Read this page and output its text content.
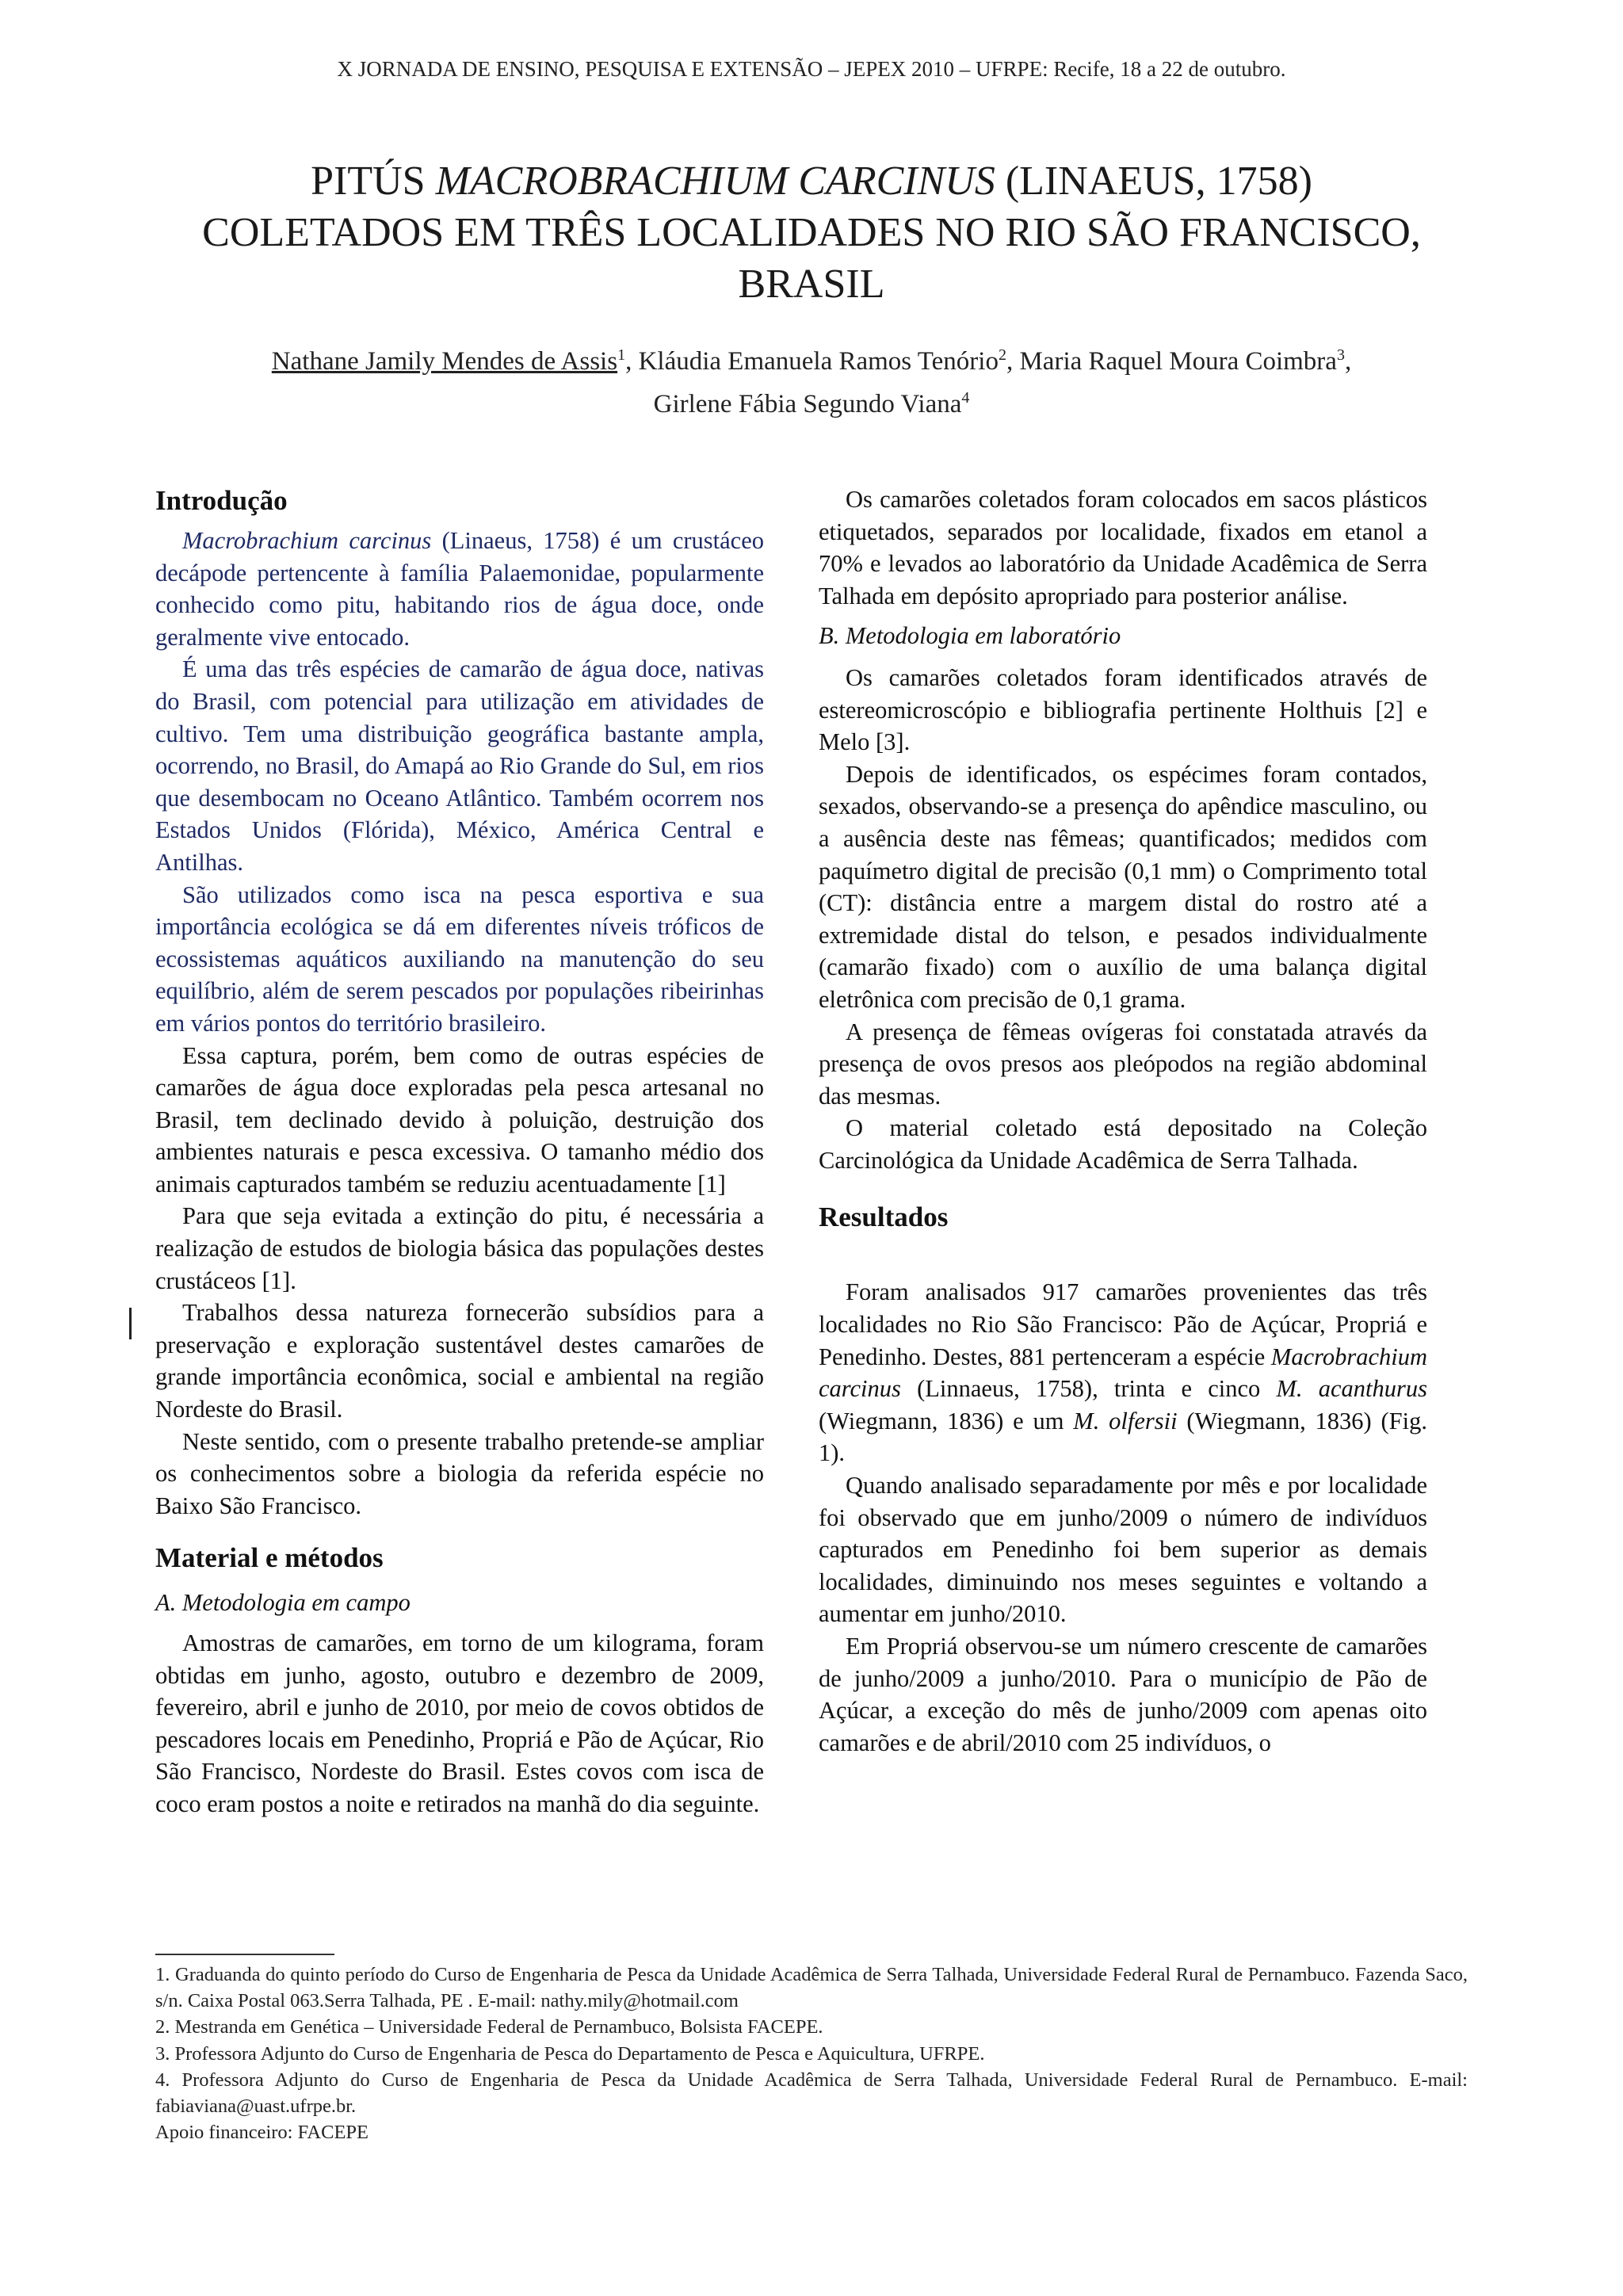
X JORNADA DE ENSINO, PESQUISA E EXTENSÃO – JEPEX 2010 – UFRPE: Recife, 18 a 22 de outubro.
PITÚS MACROBRACHIUM CARCINUS (LINAEUS, 1758)
COLETADOS EM TRÊS LOCALIDADES NO RIO SÃO FRANCISCO,
BRASIL
Nathane Jamily Mendes de Assis$^1$, Kláudia Emanuela Ramos Tenório$^2$, Maria Raquel Moura Coimbra$^3$,
Girlene Fábia Segundo Viana$^4$
Introdução

Macrobrachium carcinus (Linaeus, 1758) é um crustáceo decápode pertencente à família Palaemonidae, popularmente conhecido como pitu, habitando rios de água doce, onde geralmente vive entocado.

É uma das três espécies de camarão de água doce, nativas do Brasil, com potencial para utilização em atividades de cultivo. Tem uma distribuição geográfica bastante ampla, ocorrendo, no Brasil, do Amapá ao Rio Grande do Sul, em rios que desembocam no Oceano Atlântico. Também ocorrem nos Estados Unidos (Flórida), México, América Central e Antilhas.

São utilizados como isca na pesca esportiva e sua importância ecológica se dá em diferentes níveis tróficos de ecossistemas aquáticos auxiliando na manutenção do seu equilíbrio, além de serem pescados por populações ribeirinhas em vários pontos do território brasileiro.

Essa captura, porém, bem como de outras espécies de camarões de água doce exploradas pela pesca artesanal no Brasil, tem declinado devido à poluição, destruição dos ambientes naturais e pesca excessiva. O tamanho médio dos animais capturados também se reduziu acentuadamente [1]

Para que seja evitada a extinção do pitu, é necessária a realização de estudos de biologia básica das populações destes crustáceos [1].

Trabalhos dessa natureza fornecerão subsídios para a preservação e exploração sustentável destes camarões de grande importância econômica, social e ambiental na região Nordeste do Brasil.

Neste sentido, com o presente trabalho pretende-se ampliar os conhecimentos sobre a biologia da referida espécie no Baixo São Francisco.

Material e métodos
A. Metodologia em campo

Amostras de camarões, em torno de um kilograma, foram obtidas em junho, agosto, outubro e dezembro de 2009, fevereiro, abril e junho de 2010, por meio de covos obtidos de pescadores locais em Penedinho, Propriá e Pão de Açúcar, Rio São Francisco, Nordeste do Brasil. Estes covos com isca de coco eram postos a noite e retirados na manhã do dia seguinte.

Os camarões coletados foram colocados em sacos plásticos etiquetados, separados por localidade, fixados em etanol a 70% e levados ao laboratório da Unidade Acadêmica de Serra Talhada em depósito apropriado para posterior análise.

B. Metodologia em laboratório

Os camarões coletados foram identificados através de estereomicroscópio e bibliografia pertinente Holthuis [2] e Melo [3].

Depois de identificados, os espécimes foram contados, sexados, observando-se a presença do apêndice masculino, ou a ausência deste nas fêmeas; quantificados; medidos com paquímetro digital de precisão (0,1 mm) o Comprimento total (CT): distância entre a margem distal do rostro até a extremidade distal do telson, e pesados individualmente (camarão fixado) com o auxílio de uma balança digital eletrônica com precisão de 0,1 grama.

A presença de fêmeas ovígeras foi constatada através da presença de ovos presos aos pleópodos na região abdominal das mesmas.

O material coletado está depositado na Coleção Carcinológica da Unidade Acadêmica de Serra Talhada.

Resultados

Foram analisados 917 camarões provenientes das três localidades no Rio São Francisco: Pão de Açúcar, Propriá e Penedinho. Destes, 881 pertenceram a espécie Macrobrachium carcinus (Linnaeus, 1758), trinta e cinco M. acanthurus (Wiegmann, 1836) e um M. olfersii (Wiegmann, 1836) (Fig. 1).

Quando analisado separadamente por mês e por localidade foi observado que em junho/2009 o número de indivíduos capturados em Penedinho foi bem superior as demais localidades, diminuindo nos meses seguintes e voltando a aumentar em junho/2010.

Em Propriá observou-se um número crescente de camarões de junho/2009 a junho/2010. Para o município de Pão de Açúcar, a exceção do mês de junho/2009 com apenas oito camarões e de abril/2010 com 25 indivíduos, o

1. Graduanda do quinto período do Curso de Engenharia de Pesca da Unidade Acadêmica de Serra Talhada, Universidade Federal Rural de Pernambuco. Fazenda Saco, s/n. Caixa Postal 063.Serra Talhada, PE . E-mail: nathy.mily@hotmail.com
2. Mestranda em Genética – Universidade Federal de Pernambuco, Bolsista FACEPE.
3. Professora Adjunto do Curso de Engenharia de Pesca do Departamento de Pesca e Aquicultura, UFRPE.
4. Professora Adjunto do Curso de Engenharia de Pesca da Unidade Acadêmica de Serra Talhada, Universidade Federal Rural de Pernambuco. E-mail: fabiaviana@uast.ufrpe.br.
Apoio financeiro: FACEPE
